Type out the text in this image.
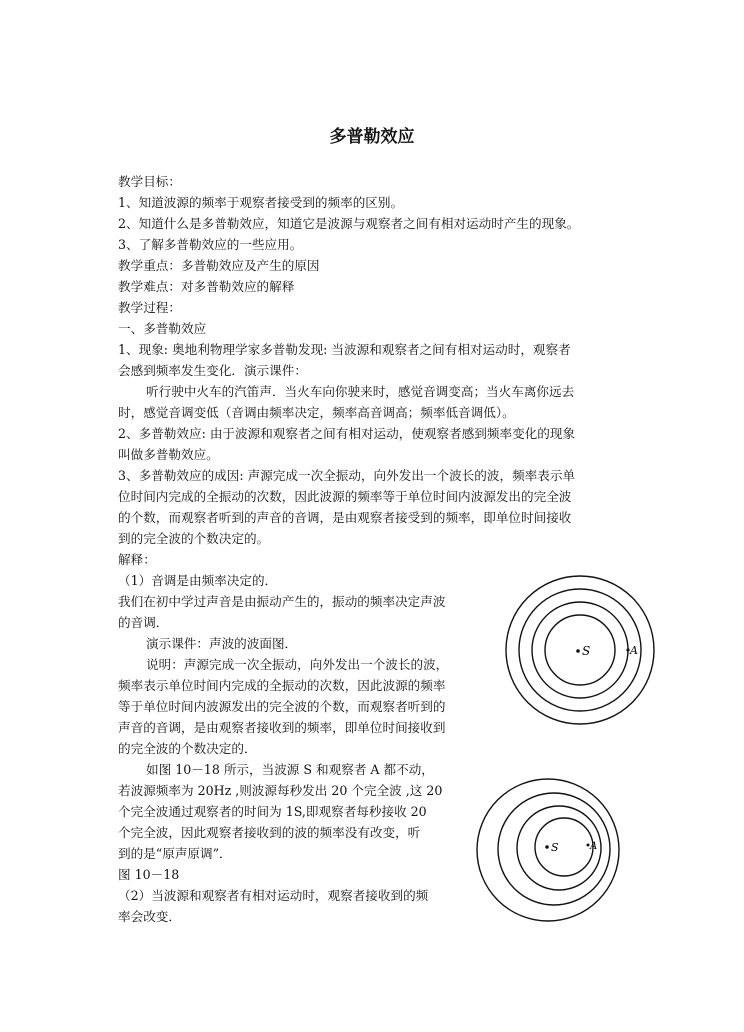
多普勒效应
教学目标：
1、知道波源的频率于观察者接受到的频率的区别。
2、知道什么是多普勒效应，知道它是波源与观察者之间有相对运动时产生的现象。
3、了解多普勒效应的一些应用。
教学重点：多普勒效应及产生的原因
教学难点：对多普勒效应的解释
教学过程：
一、多普勒效应
1、现象: 奥地利物理学家多普勒发现: 当波源和观察者之间有相对运动时，观察者
会感到频率发生变化．演示课件：
听行驶中火车的汽笛声．当火车向你驶来时，感觉音调变高；当火车离你远去
时，感觉音调变低（音调由频率决定，频率高音调高；频率低音调低）。
2、多普勒效应: 由于波源和观察者之间有相对运动，使观察者感到频率变化的现象
叫做多普勒效应。
3、多普勒效应的成因: 声源完成一次全振动，向外发出一个波长的波，频率表示单
位时间内完成的全振动的次数，因此波源的频率等于单位时间内波源发出的完全波
的个数，而观察者听到的声音的音调，是由观察者接受到的频率，即单位时间接收
到的完全波的个数决定的。
解释：
（1）音调是由频率决定的．
我们在初中学过声音是由振动产生的，振动的频率决定声波
的音调．
演示课件：声波的波面图．
说明：声源完成一次全振动，向外发出一个波长的波，
频率表示单位时间内完成的全振动的次数，因此波源的频率
等于单位时间内波源发出的完全波的个数，而观察者听到的
声音的音调，是由观察者接收到的频率，即单位时间接收到
的完全波的个数决定的．
如图 10－18 所示，当波源 S 和观察者 A 都不动，
若波源频率为 20Hz ,则波源每秒发出 20 个完全波 ,这 20
个完全波通过观察者的时间为 1S,即观察者每秒接收 20
个完全波，因此观察者接收到的波的频率没有改变，听
到的是“原声原调”．
图 10－18
（2）当波源和观察者有相对运动时，观察者接收到的频
率会改变．
S	A
S	A
